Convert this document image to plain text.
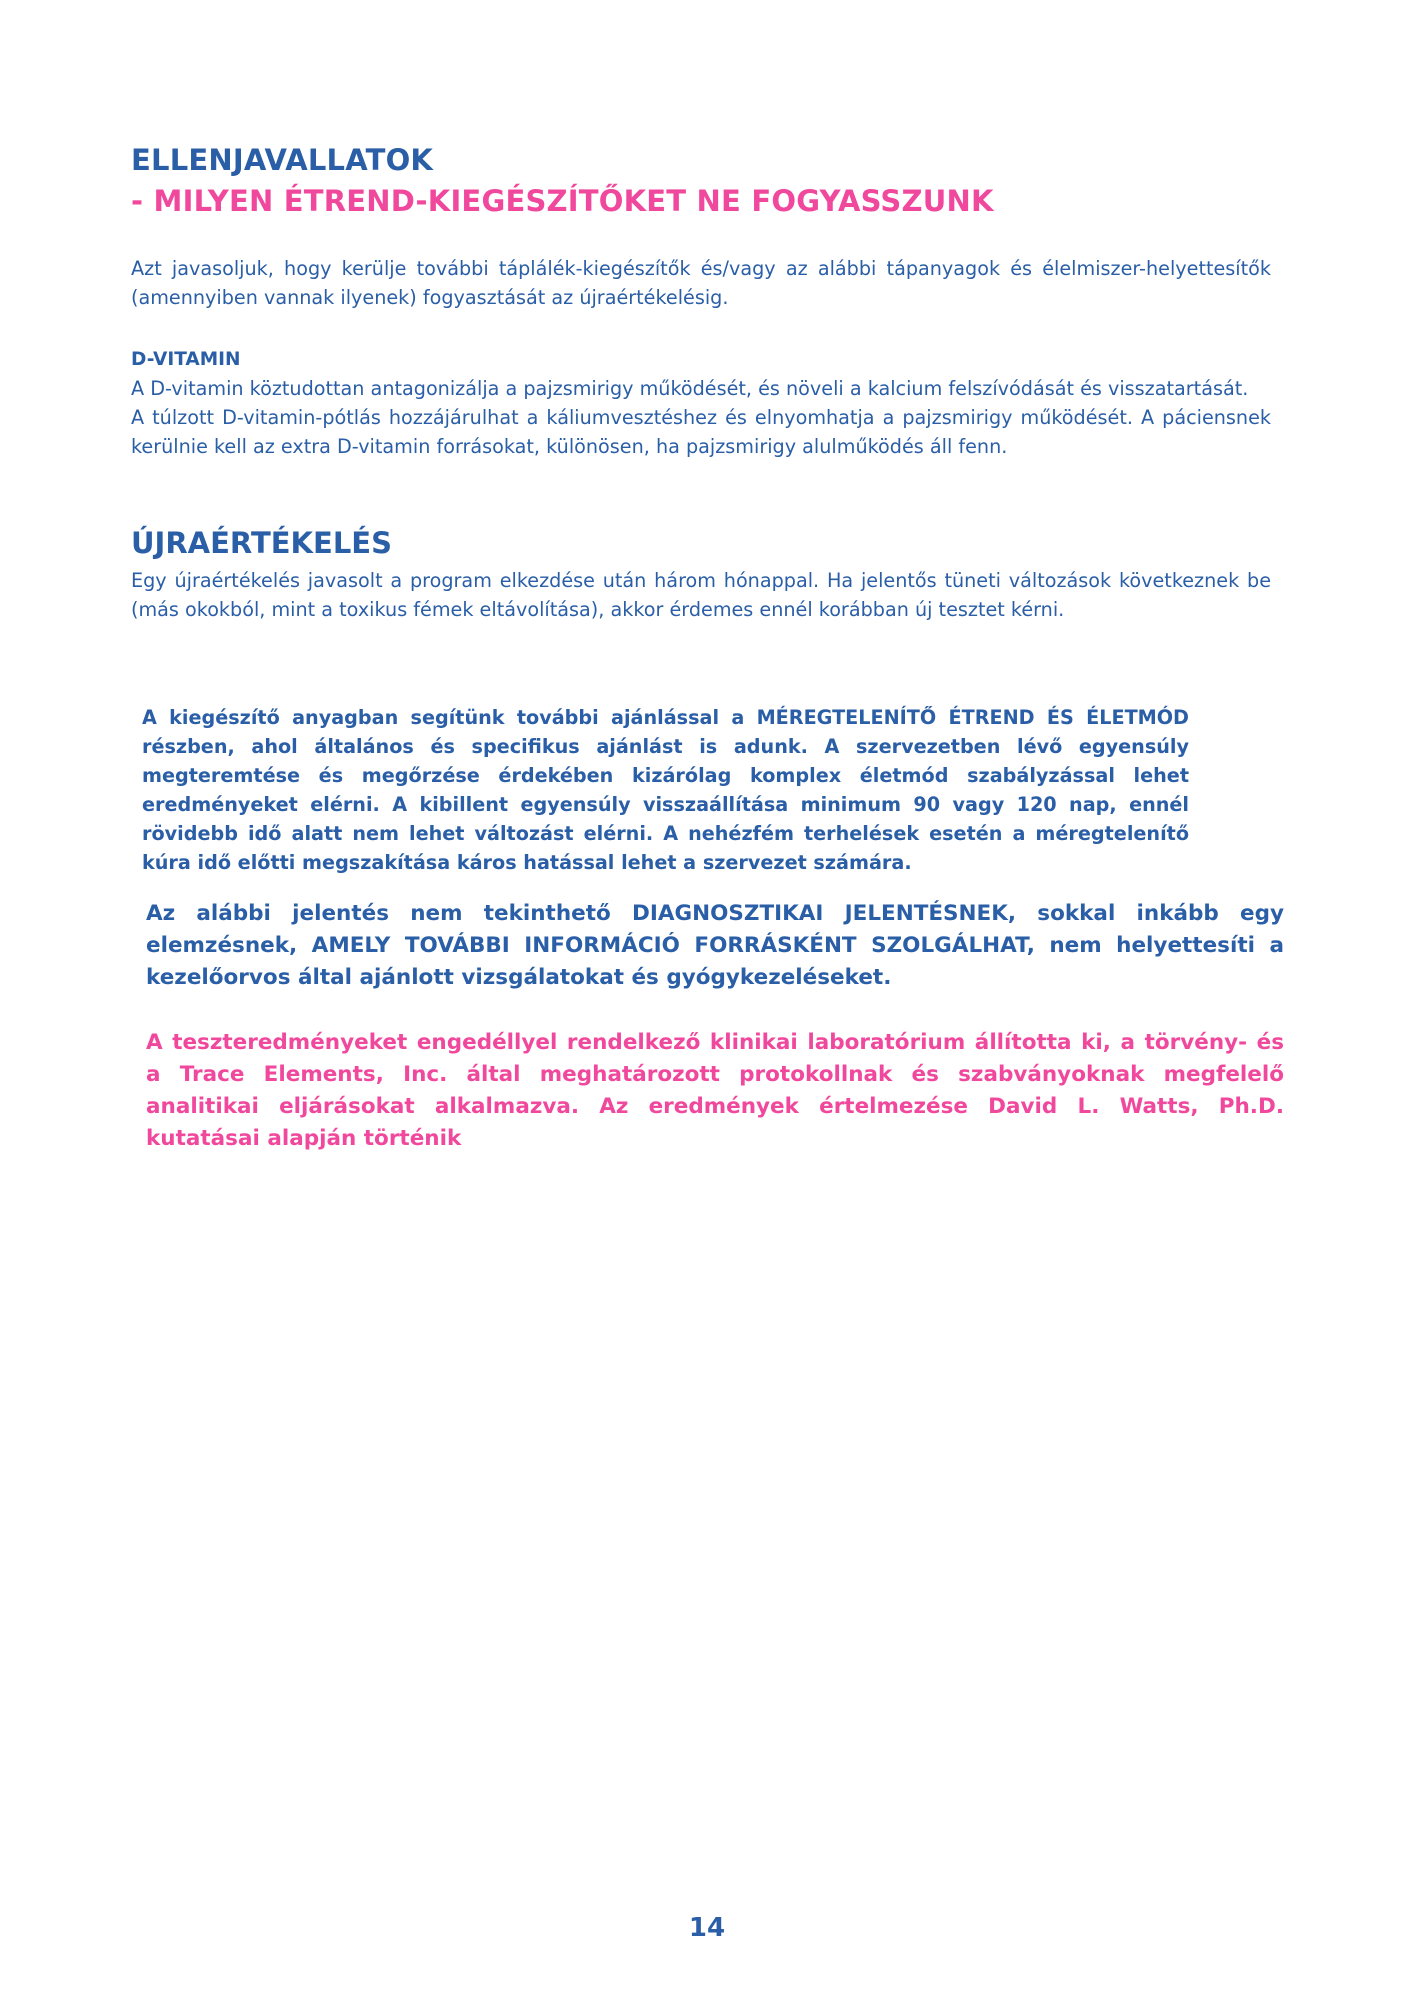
ELLENJAVALLATOK
- MILYEN ÉTREND-KIEGÉSZÍTŐKET NE FOGYASSZUNK
Azt javasoljuk, hogy kerülje további táplálék-kiegészítők és/vagy az alábbi tápanyagok és élelmiszer-helyettesítők (amennyiben vannak ilyenek) fogyasztását az újraértékelésig.
D-VITAMIN

A D-vitamin köztudottan antagonizálja a pajzsmirigy működését, és növeli a kalcium felszívódását és visszatartását.

A túlzott D-vitamin-pótlás hozzájárulhat a káliumvesztéshez és elnyomhatja a pajzsmirigy működését. A páciensnek kerülnie kell az extra D-vitamin forrásokat, különösen, ha pajzsmirigy alulműködés áll fenn.

ÚJRAÉRTÉKELÉS
Egy újraértékelés javasolt a program elkezdése után három hónappal. Ha jelentős tüneti változások következnek be (más okokból, mint a toxikus fémek eltávolítása), akkor érdemes ennél korábban új tesztet kérni.
A kiegészítő anyagban segítünk további ajánlással a MÉREGTELENÍTŐ ÉTREND ÉS ÉLETMÓD
részben, ahol általános és specifikus ajánlást is adunk. A szervezetben lévő egyensúly
megteremtése és megőrzése érdekében kizárólag komplex életmód szabályzással lehet
eredményeket elérni. A kibillent egyensúly visszaállítása minimum 90 vagy 120 nap, ennél
rövidebb idő alatt nem lehet változást elérni. A nehézfém terhelések esetén a méregtelenítő
kúra idő előtti megszakítása káros hatással lehet a szervezet számára.
Az alábbi jelentés nem tekinthető DIAGNOSZTIKAI JELENTÉSNEK, sokkal inkább egy elemzésnek, AMELY TOVÁBBI INFORMÁCIÓ FORRÁSKÉNT SZOLGÁLHAT, nem helyettesíti a kezelőorvos által ajánlott vizsgálatokat és gyógykezeléseket.
A teszteredményeket engedéllyel rendelkező klinikai laboratórium állította ki, a törvény- és a Trace Elements, Inc. által meghatározott protokollnak és szabványoknak megfelelő analitikai eljárásokat alkalmazva. Az eredmények értelmezése David L. Watts, Ph.D. kutatásai alapján történik
14
